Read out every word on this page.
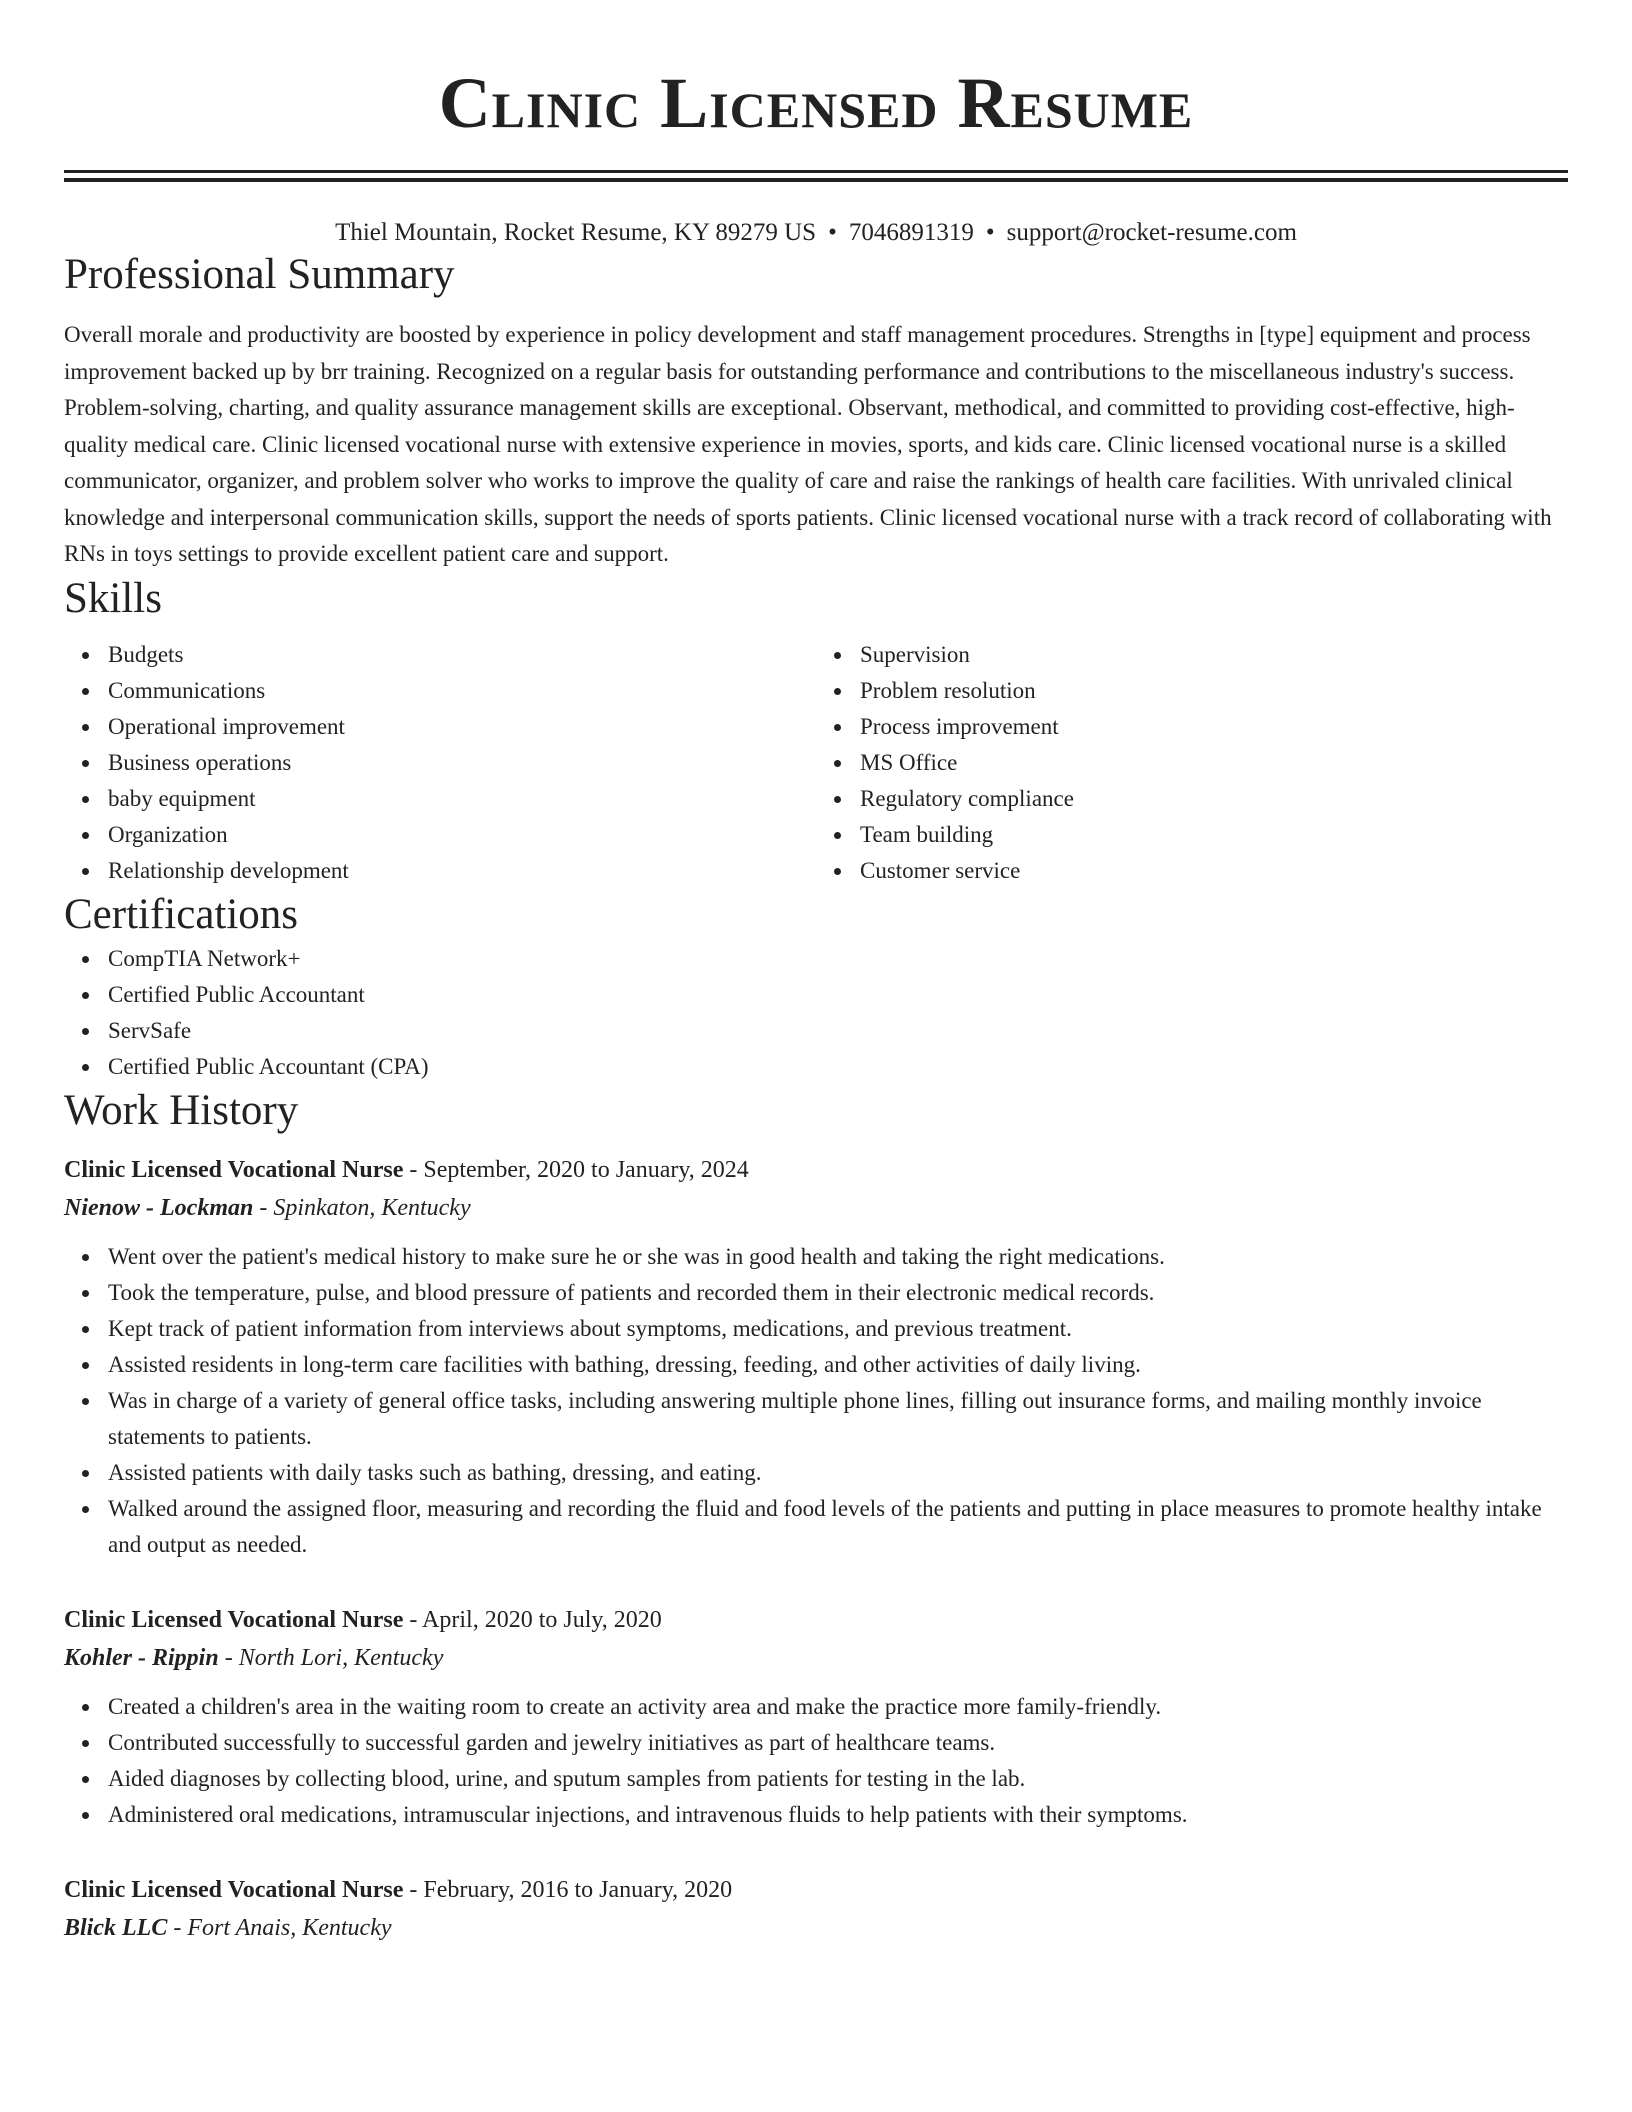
Clinic Licensed Resume
Thiel Mountain, Rocket Resume, KY 89279 US • 7046891319 • support@rocket-resume.com
Professional Summary

Overall morale and productivity are boosted by experience in policy development and staff management procedures. Strengths in [type] equipment and process improvement backed up by brr training. Recognized on a regular basis for outstanding performance and contributions to the miscellaneous industry's success. Problem-solving, charting, and quality assurance management skills are exceptional. Observant, methodical, and committed to providing cost-effective, high-quality medical care. Clinic licensed vocational nurse with extensive experience in movies, sports, and kids care. Clinic licensed vocational nurse is a skilled communicator, organizer, and problem solver who works to improve the quality of care and raise the rankings of health care facilities. With unrivaled clinical knowledge and interpersonal communication skills, support the needs of sports patients. Clinic licensed vocational nurse with a track record of collaborating with RNs in toys settings to provide excellent patient care and support.

Skills
Budgets
Communications
Operational improvement
Business operations
baby equipment
Organization
Relationship development
Supervision
Problem resolution
Process improvement
MS Office
Regulatory compliance
Team building
Customer service
Certifications
CompTIA Network+
Certified Public Accountant
ServSafe
Certified Public Accountant (CPA)
Work History
Clinic Licensed Vocational Nurse - September, 2020 to January, 2024
Nienow - Lockman - Spinkaton, Kentucky
Went over the patient's medical history to make sure he or she was in good health and taking the right medications.
Took the temperature, pulse, and blood pressure of patients and recorded them in their electronic medical records.
Kept track of patient information from interviews about symptoms, medications, and previous treatment.
Assisted residents in long-term care facilities with bathing, dressing, feeding, and other activities of daily living.
Was in charge of a variety of general office tasks, including answering multiple phone lines, filling out insurance forms, and mailing monthly invoice statements to patients.
Assisted patients with daily tasks such as bathing, dressing, and eating.
Walked around the assigned floor, measuring and recording the fluid and food levels of the patients and putting in place measures to promote healthy intake and output as needed.
Clinic Licensed Vocational Nurse - April, 2020 to July, 2020
Kohler - Rippin - North Lori, Kentucky
Created a children's area in the waiting room to create an activity area and make the practice more family-friendly.
Contributed successfully to successful garden and jewelry initiatives as part of healthcare teams.
Aided diagnoses by collecting blood, urine, and sputum samples from patients for testing in the lab.
Administered oral medications, intramuscular injections, and intravenous fluids to help patients with their symptoms.
Clinic Licensed Vocational Nurse - February, 2016 to January, 2020
Blick LLC - Fort Anais, Kentucky
